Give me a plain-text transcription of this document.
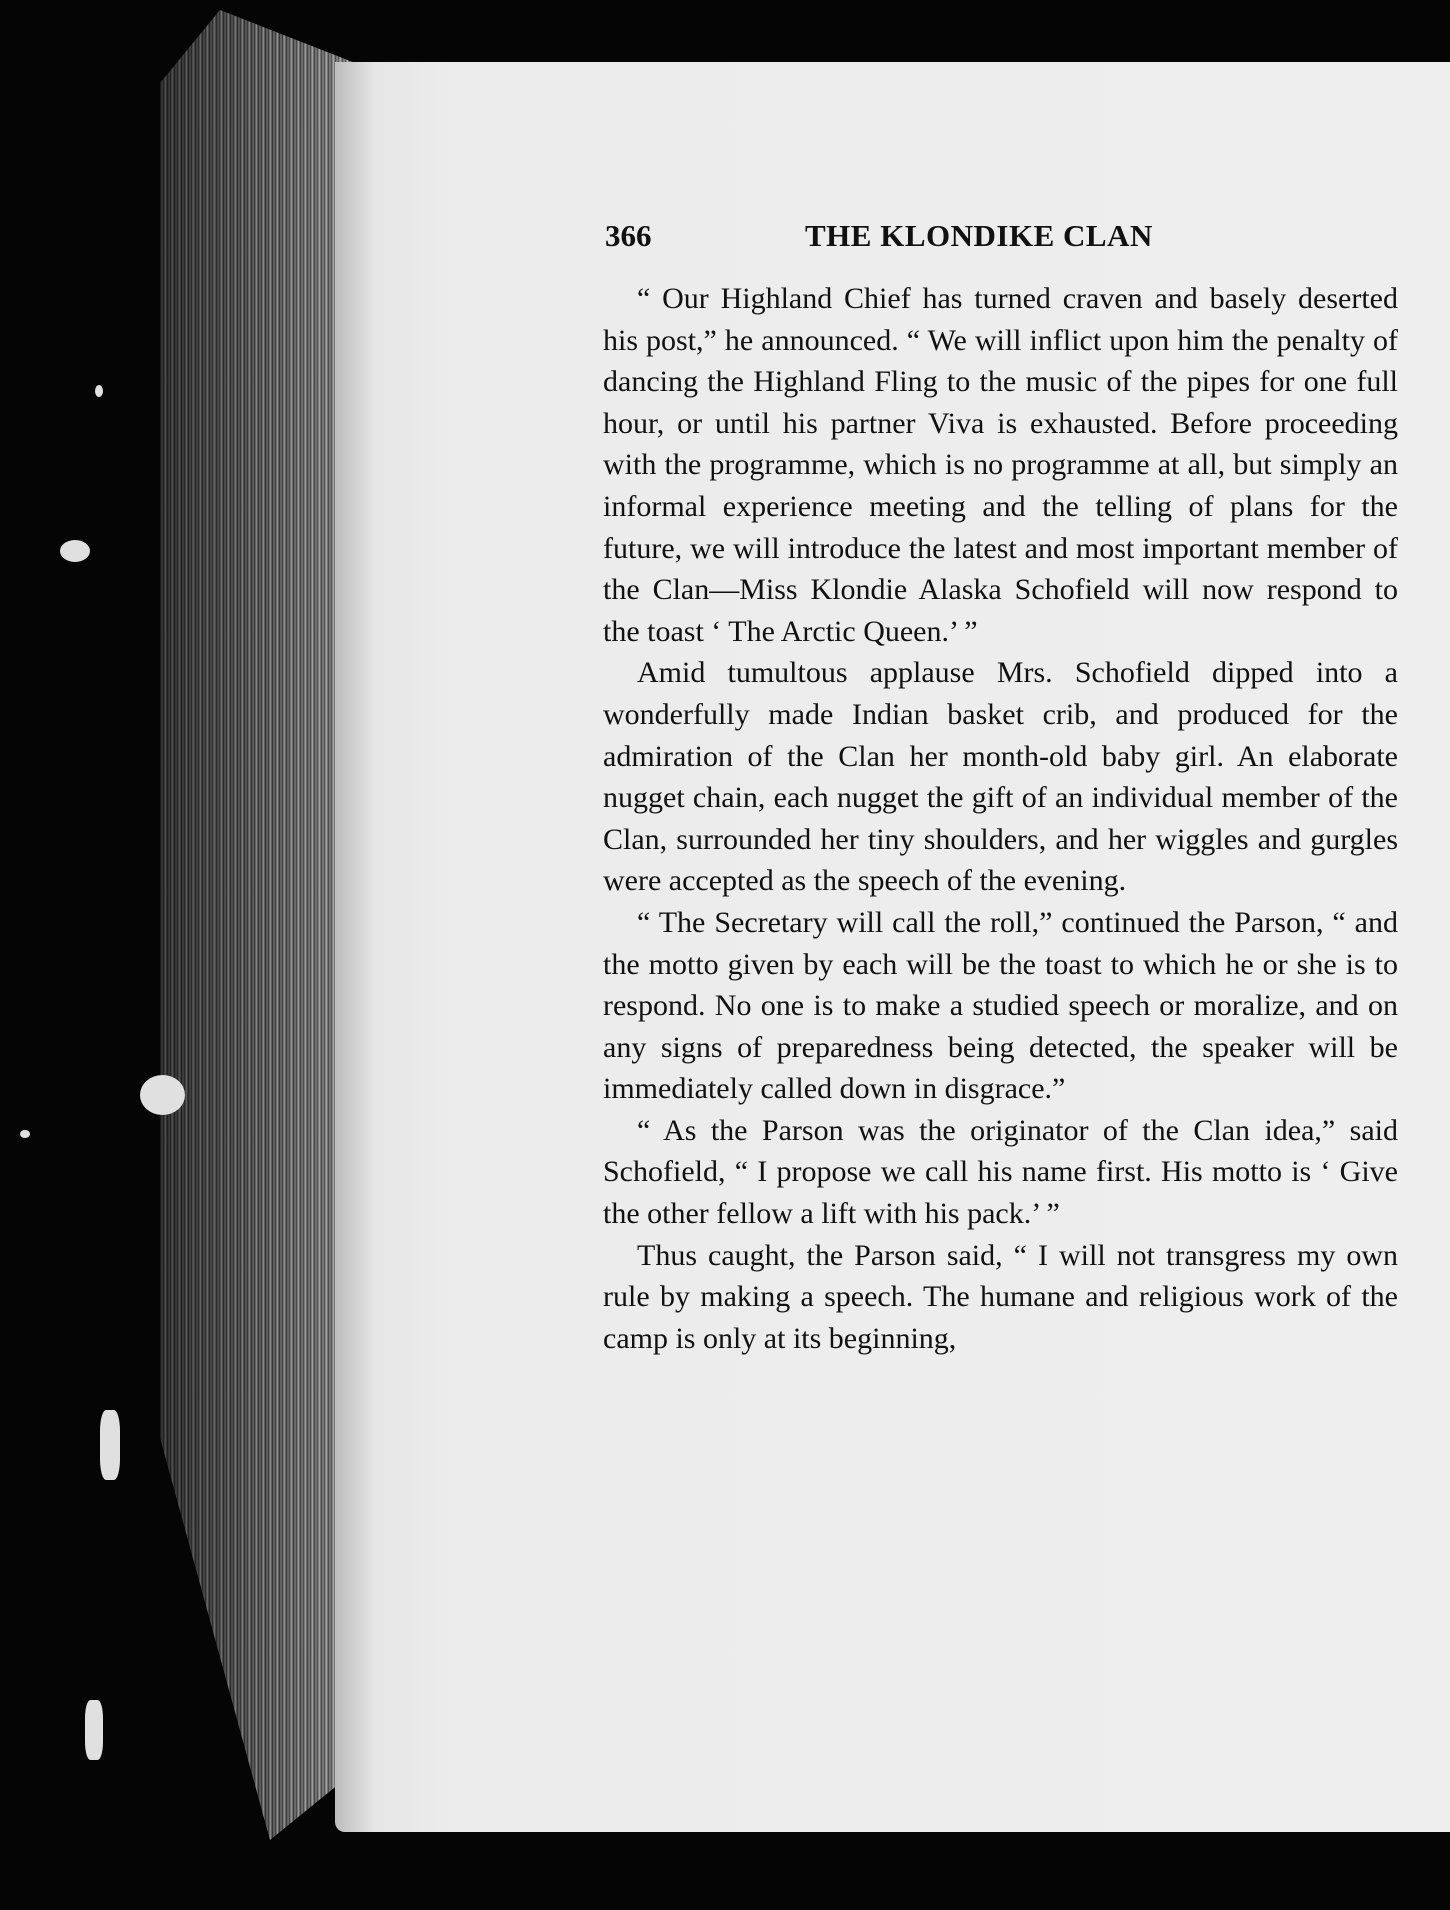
366	THE KLONDIKE CLAN

“ Our Highland Chief has turned craven and basely deserted his post,” he announced. “ We will inflict upon him the penalty of dancing the Highland Fling to the music of the pipes for one full hour, or until his partner Viva is exhausted. Before proceeding with the programme, which is no programme at all, but simply an informal experience meeting and the telling of plans for the future, we will introduce the latest and most important member of the Clan—Miss Klondie Alaska Schofield will now respond to the toast ‘ The Arctic Queen.’ ”

Amid tumultous applause Mrs. Schofield dipped into a wonderfully made Indian basket crib, and produced for the admiration of the Clan her month-old baby girl. An elaborate nugget chain, each nugget the gift of an individual member of the Clan, surrounded her tiny shoulders, and her wiggles and gurgles were accepted as the speech of the evening.

“ The Secretary will call the roll,” continued the Parson, “ and the motto given by each will be the toast to which he or she is to respond. No one is to make a studied speech or moralize, and on any signs of preparedness being detected, the speaker will be immediately called down in disgrace.”

“ As the Parson was the originator of the Clan idea,” said Schofield, “ I propose we call his name first. His motto is ‘ Give the other fellow a lift with his pack.’ ”

Thus caught, the Parson said, “ I will not transgress my own rule by making a speech. The humane and religious work of the camp is only at its beginning,
